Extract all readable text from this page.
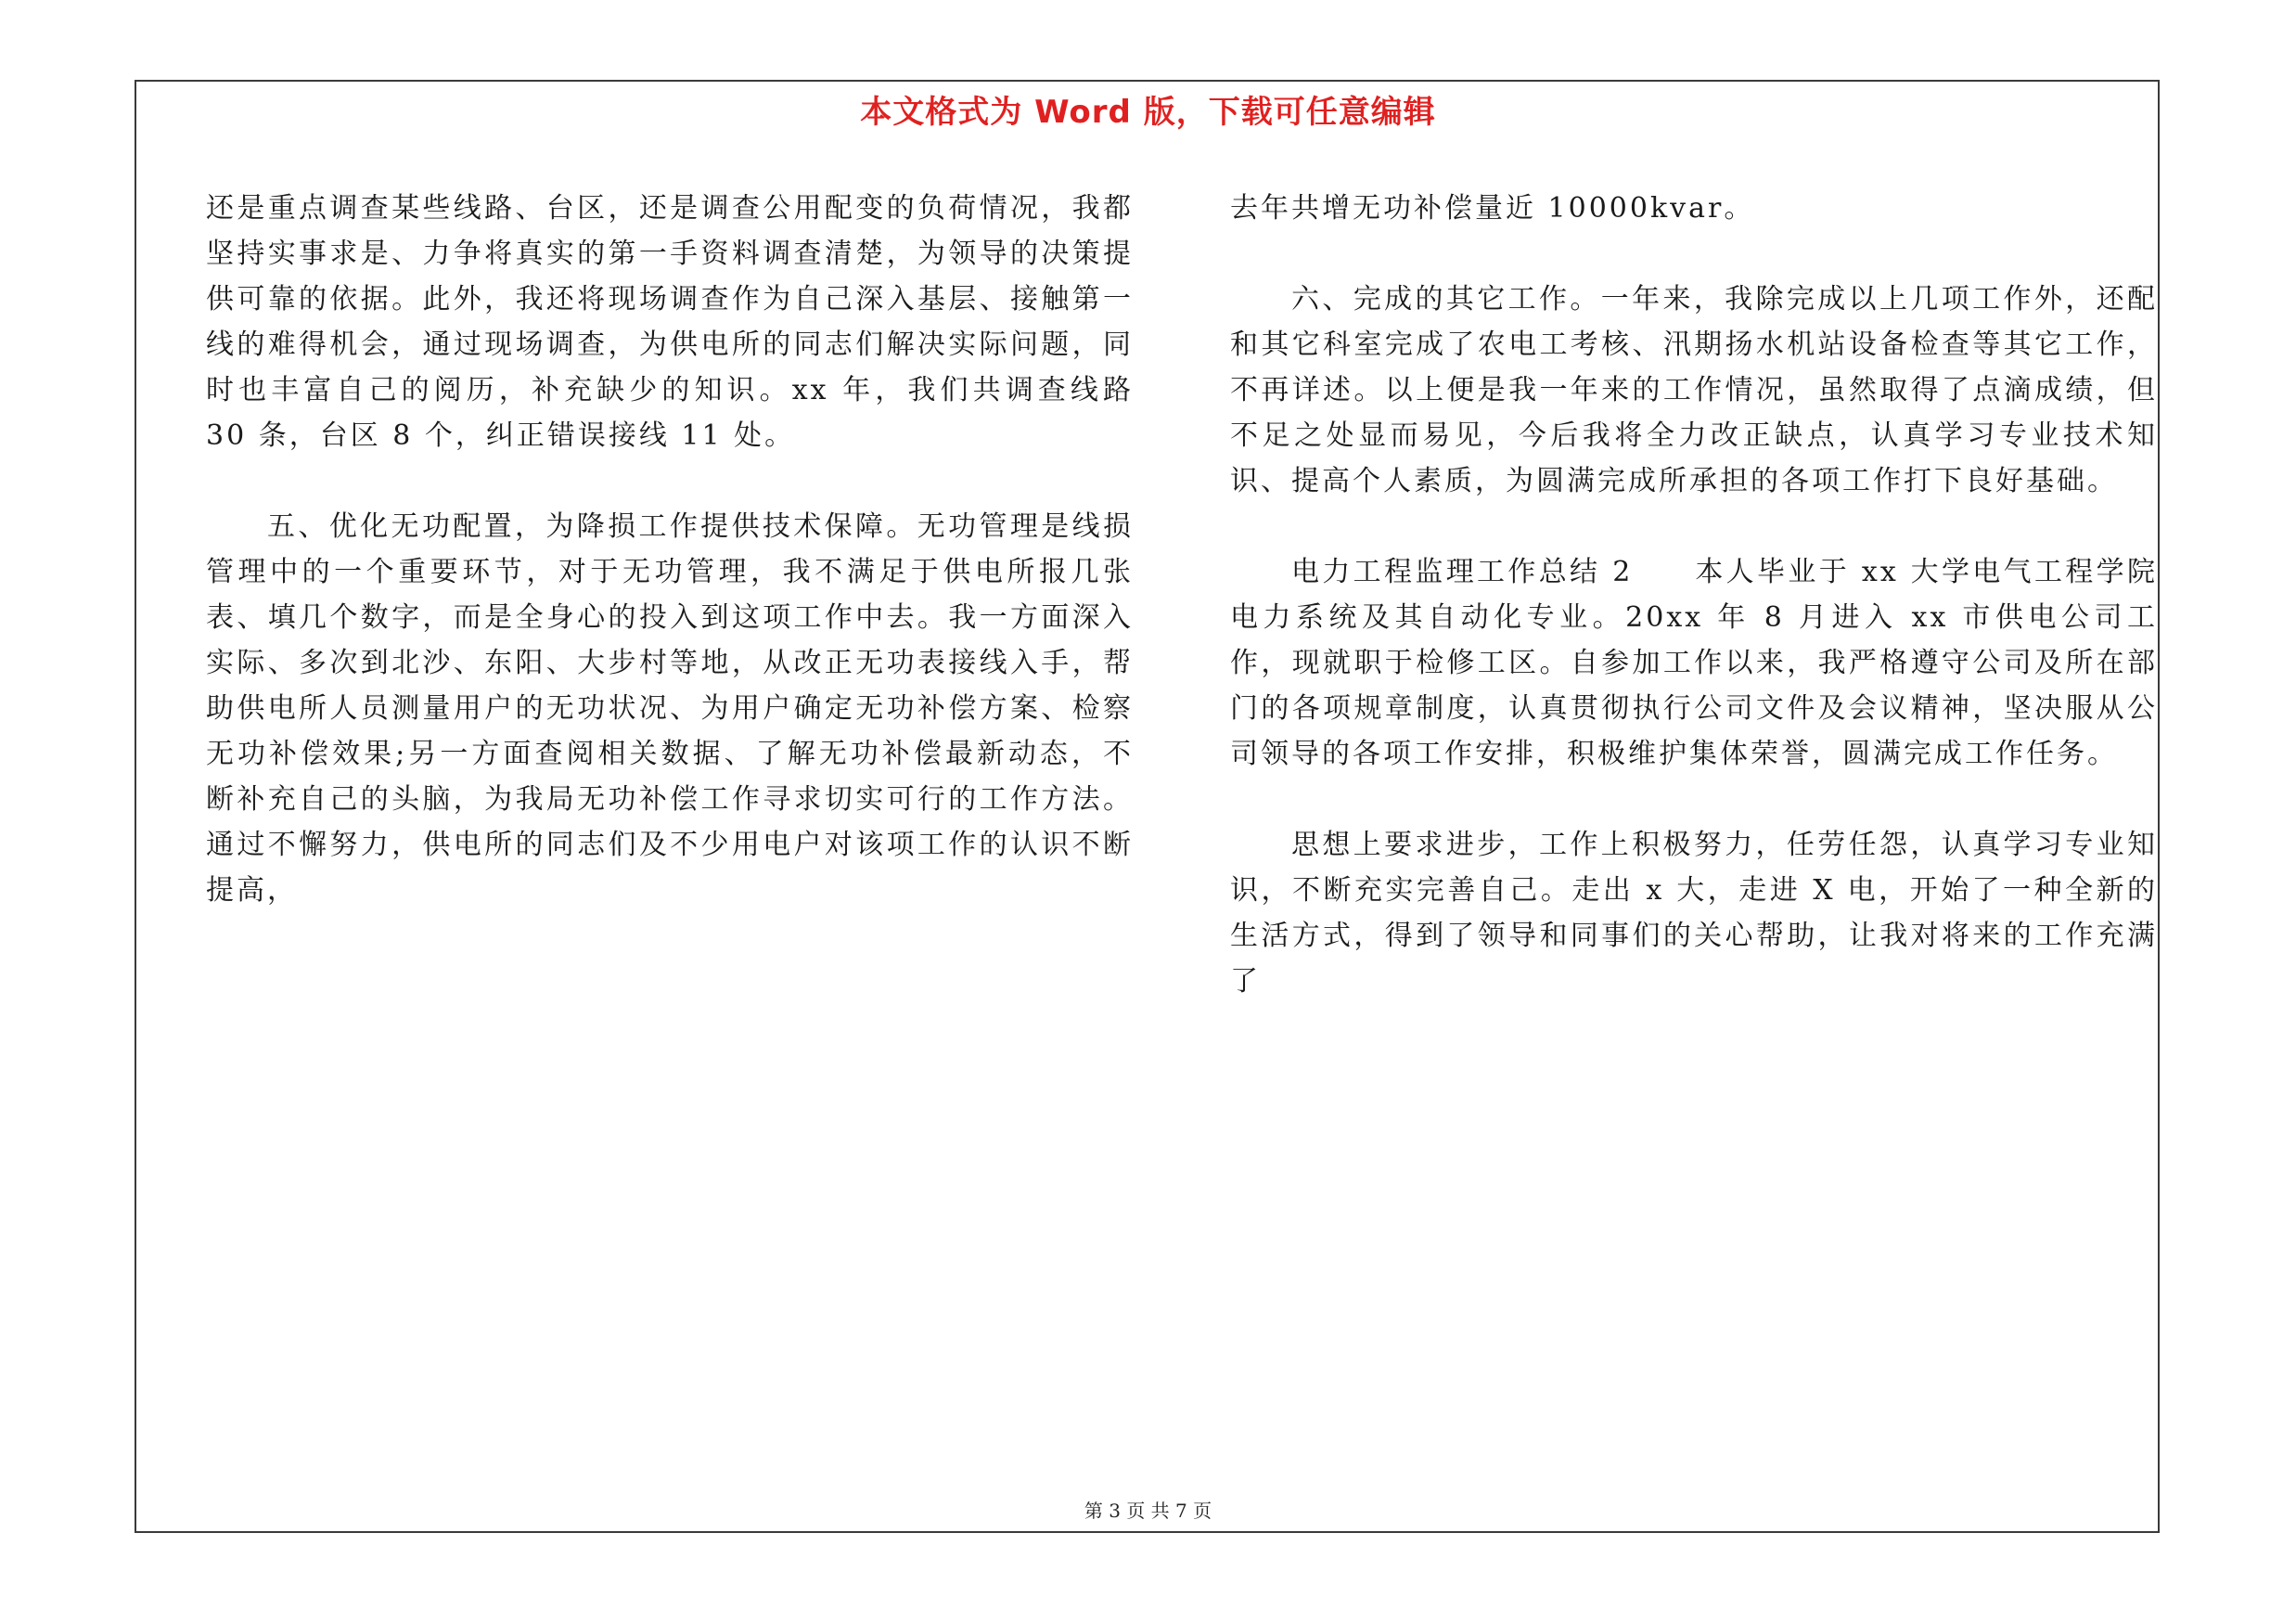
本文格式为 Word 版，下载可任意编辑

还是重点调查某些线路、台区，还是调查公用配变的负荷情况，我都坚持实事求是、力争将真实的第一手资料调查清楚，为领导的决策提供可靠的依据。此外，我还将现场调查作为自己深入基层、接触第一线的难得机会，通过现场调查，为供电所的同志们解决实际问题，同时也丰富自己的阅历，补充缺少的知识。xx 年，我们共调查线路 30 条，台区 8 个，纠正错误接线 11 处。

五、优化无功配置，为降损工作提供技术保障。无功管理是线损管理中的一个重要环节，对于无功管理，我不满足于供电所报几张表、填几个数字，而是全身心的投入到这项工作中去。我一方面深入实际、多次到北沙、东阳、大步村等地，从改正无功表接线入手，帮助供电所人员测量用户的无功状况、为用户确定无功补偿方案、检察无功补偿效果;另一方面查阅相关数据、了解无功补偿最新动态，不断补充自己的头脑，为我局无功补偿工作寻求切实可行的工作方法。通过不懈努力，供电所的同志们及不少用电户对该项工作的认识不断提高，

去年共增无功补偿量近 10000kvar。

六、完成的其它工作。一年来，我除完成以上几项工作外，还配和其它科室完成了农电工考核、汛期扬水机站设备检查等其它工作，不再详述。以上便是我一年来的工作情况，虽然取得了点滴成绩，但不足之处显而易见，今后我将全力改正缺点，认真学习专业技术知识、提高个人素质，为圆满完成所承担的各项工作打下良好基础。

电力工程监理工作总结 2　　本人毕业于 xx 大学电气工程学院电力系统及其自动化专业。20xx 年 8 月进入 xx 市供电公司工作，现就职于检修工区。自参加工作以来，我严格遵守公司及所在部门的各项规章制度，认真贯彻执行公司文件及会议精神，坚决服从公司领导的各项工作安排，积极维护集体荣誉，圆满完成工作任务。

思想上要求进步，工作上积极努力，任劳任怨，认真学习专业知识，不断充实完善自己。走出 x 大，走进 X 电，开始了一种全新的生活方式，得到了领导和同事们的关心帮助，让我对将来的工作充满了

第 3 页 共 7 页
